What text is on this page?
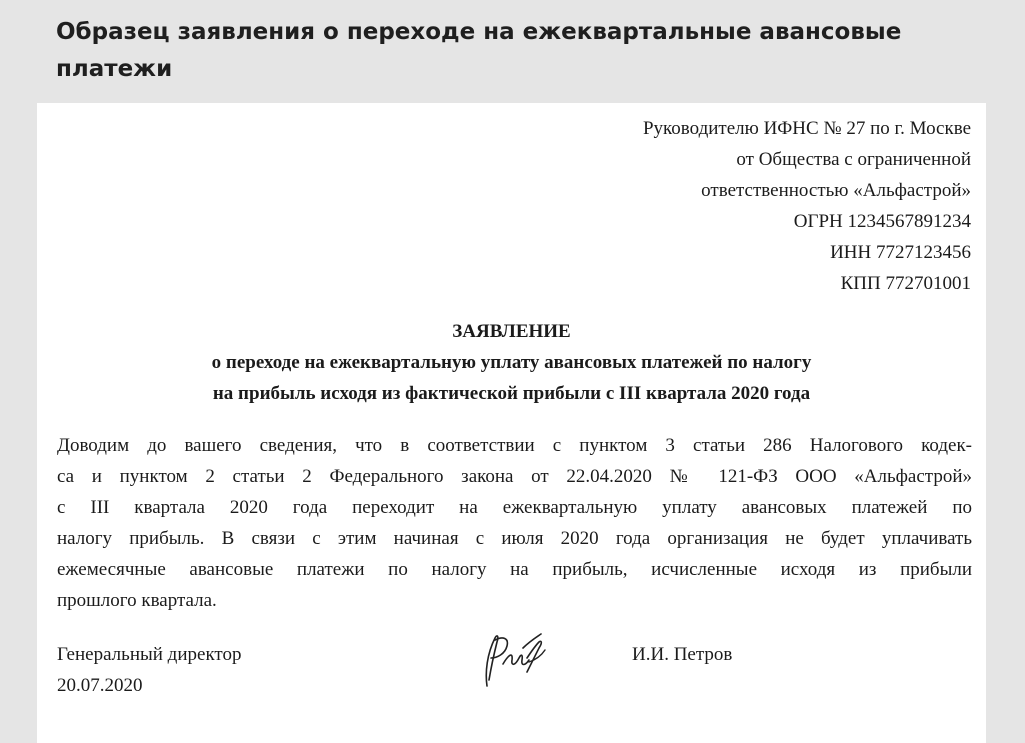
Образец заявления о переходе на ежеквартальные авансовые
платежи
Руководителю ИФНС № 27 по г. Москве
от Общества с ограниченной
ответственностью «Альфастрой»
ОГРН 1234567891234
ИНН 7727123456
КПП 772701001
ЗАЯВЛЕНИЕ
о переходе на ежеквартальную уплату авансовых платежей по налогу
на прибыль исходя из фактической прибыли с III квартала 2020 года
Доводим до вашего сведения, что в соответствии с пунктом 3 статьи 286 Налогового кодек-
са и пунктом 2 статьи 2 Федерального закона от 22.04.2020 № 121-ФЗ ООО «Альфастрой»
с III квартала 2020 года переходит на ежеквартальную уплату авансовых платежей по
налогу прибыль. В связи с этим начиная с июля 2020 года организация не будет уплачивать
ежемесячные авансовые платежи по налогу на прибыль, исчисленные исходя из прибыли
прошлого квартала.
Генеральный директор
20.07.2020
И.И. Петров
